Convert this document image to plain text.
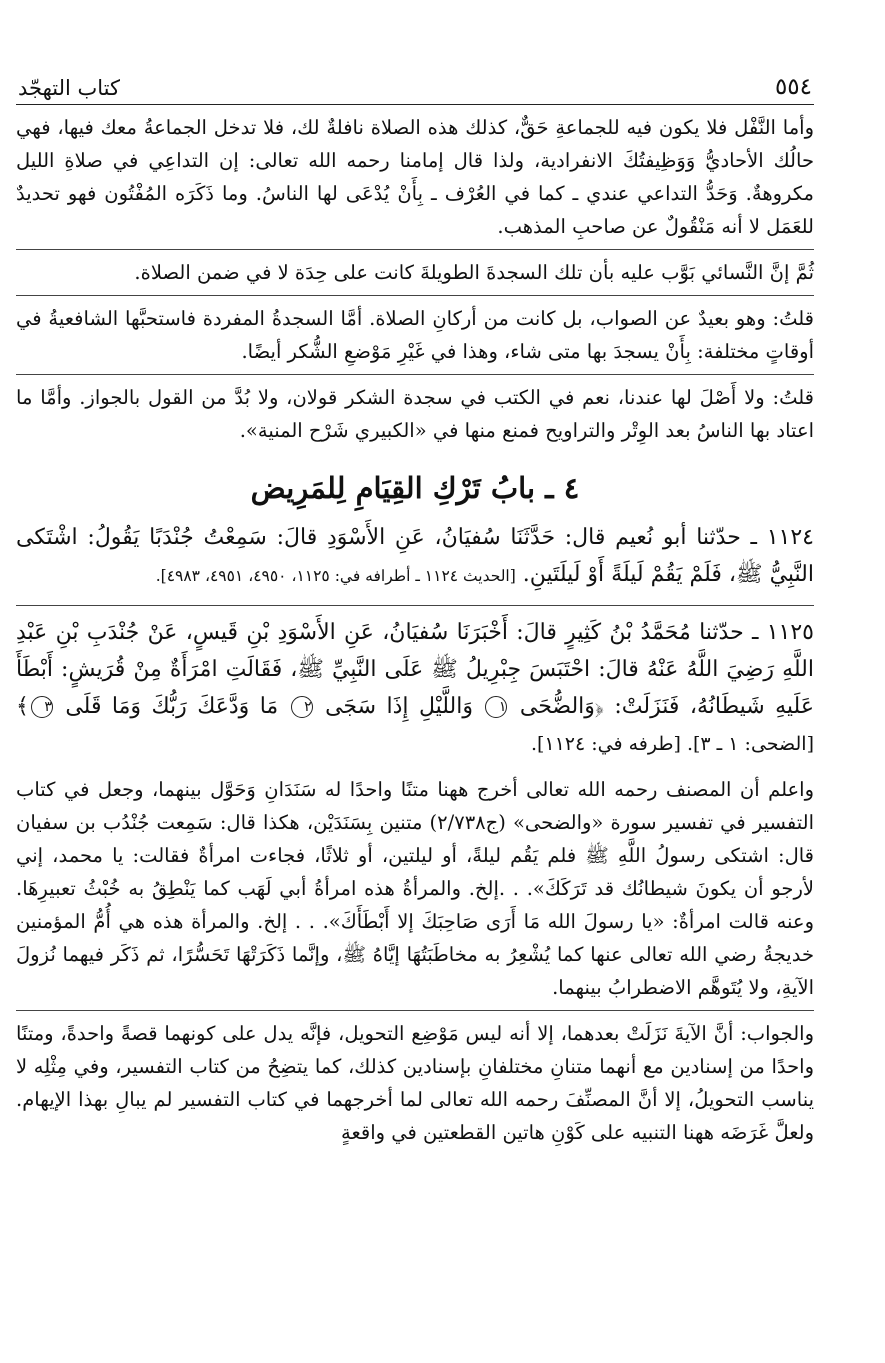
٥٥٤
كتاب التهجّد

وأما النَّفْل فلا يكون فيه للجماعةِ حَقٌّ، كذلك هذه الصلاة نافلةٌ لك، فلا تدخل الجماعةُ معك فيها، فهي حالُك الأحاديُّ وَوَظِيفتُكَ الانفرادية، ولذا قال إمامنا رحمه الله تعالى: إن التداعِي في صلاةِ الليل مكروهةٌ. وَحَدُّ التداعي عندي ـ كما في العُرْف ـ بِأَنْ يُدْعَى لها الناسُ. وما ذَكَرَه المُفْتُون فهو تحديدٌ للعَمَل لا أنه مَنْقُولٌ عن صاحبِ المذهب.

ثُمَّ إنَّ النَّسائي بَوَّب عليه بأن تلك السجدةَ الطويلةَ كانت على حِدَة لا في ضمن الصلاة.

قلتُ: وهو بعيدٌ عن الصواب، بل كانت من أركانِ الصلاة. أمَّا السجدةُ المفردة فاستحبَّها الشافعيةُ في أوقاتٍ مختلفة: بِأَنْ يسجدَ بها متى شاء، وهذا في غَيْرِ مَوْضعِ الشُّكر أيضًا.

قلتُ: ولا أَصْلَ لها عندنا، نعم في الكتب في سجدة الشكر قولان، ولا بُدَّ من القول بالجواز. وأمَّا ما اعتاد بها الناسُ بعد الوِتْر والتراويح فمنع منها في «الكبيري شَرْح المنية».

٤ ـ بابُ تَرْكِ القِيَامِ لِلمَرِيض

١١٢٤ ـ حدّثنا أبو نُعيم قال: حَدَّثَنَا سُفيَانُ، عَنِ الأَسْوَدِ قالَ: سَمِعْتُ جُنْدَبًا يَقُولُ: اشْتَكى النَّبِيُّ ﷺ، فَلَمْ يَقُمْ لَيلَةً أَوْ لَيلَتَينِ. [الحديث ١١٢٤ ـ أطرافه في: ١١٢٥، ٤٩٥٠، ٤٩٥١، ٤٩٨٣].

١١٢٥ ـ حدّثنا مُحَمَّدُ بْنُ كَثِيرٍ قالَ: أَخْبَرَنَا سُفيَانُ، عَنِ الأَسْوَدِ بْنِ قَيسٍ، عَنْ جُنْدَبِ بْنِ عَبْدِ اللَّهِ رَضِيَ اللَّهُ عَنْهُ قالَ: احْتَبَسَ جِبْرِيلُ ﷺ عَلَى النَّبِيِّ ﷺ، فَقَالَتِ امْرَأَةٌ مِنْ قُرَيشٍ: أَبْطَأَ عَلَيهِ شَيطَانُهُ، فَنَزَلَتْ: ﴿وَالضُّحَى ١ وَاللَّيْلِ إِذَا سَجَى ٢ مَا وَدَّعَكَ رَبُّكَ وَمَا قَلَى ٣﴾ [الضحى: ١ ـ ٣]. [طرفه في: ١١٢٤].

واعلم أن المصنف رحمه الله تعالى أخرج ههنا متنًا واحدًا له سَنَدَانِ وَحَوَّل بينهما، وجعل في كتاب التفسير في تفسير سورة «والضحى» (ج٢/٧٣٨) متنين بِسَنَدَيْن، هكذا قال: سَمِعت جُنْدُب بن سفيان قال: اشتكى رسولُ اللَّهِ ﷺ فلم يَقُم ليلةً، أو ليلتين، أو ثلاثًا، فجاءت امرأةٌ فقالت: يا محمد، إني لأرجو أن يكونَ شيطانُك قد تَرَكَكَ». . .إلخ. والمرأةُ هذه امرأةُ أبي لَهَب كما يَنْطِقُ به خُبْثُ تعبيرِهَا. وعنه قالت امرأةٌ: «يا رسولَ الله مَا أَرَى صَاحِبَكَ إلا أَبْطَأَكَ». . . إلخ. والمرأة هذه هي أُمُّ المؤمنين خديجةُ رضي الله تعالى عنها كما يُشْعِرُ به مخاطَبَتُهَا إيَّاهُ ﷺ، وإنَّما ذَكَرَتْهَا تَحَسُّرًا، ثم ذَكَر فيهما نُزولَ الآيةِ، ولا يُتَوهَّم الاضطرابُ بينهما.

والجواب: أنَّ الآيةَ نَزَلَتْ بعدهما، إلا أنه ليس مَوْضِع التحويل، فإنَّه يدل على كونهما قصةً واحدةً، ومتنًا واحدًا من إسنادين مع أنهما متنانِ مختلفانِ بإسنادين كذلك، كما يتضِحُ من كتاب التفسير، وفي مِثْلِه لا يناسب التحويلُ، إلا أنَّ المصنِّفَ رحمه الله تعالى لما أخرجهما في كتاب التفسير لم يبالِ بهذا الإيهام. ولعلَّ غَرَضَه ههنا التنبيه على كَوْنِ هاتين القطعتين في واقعةٍ
